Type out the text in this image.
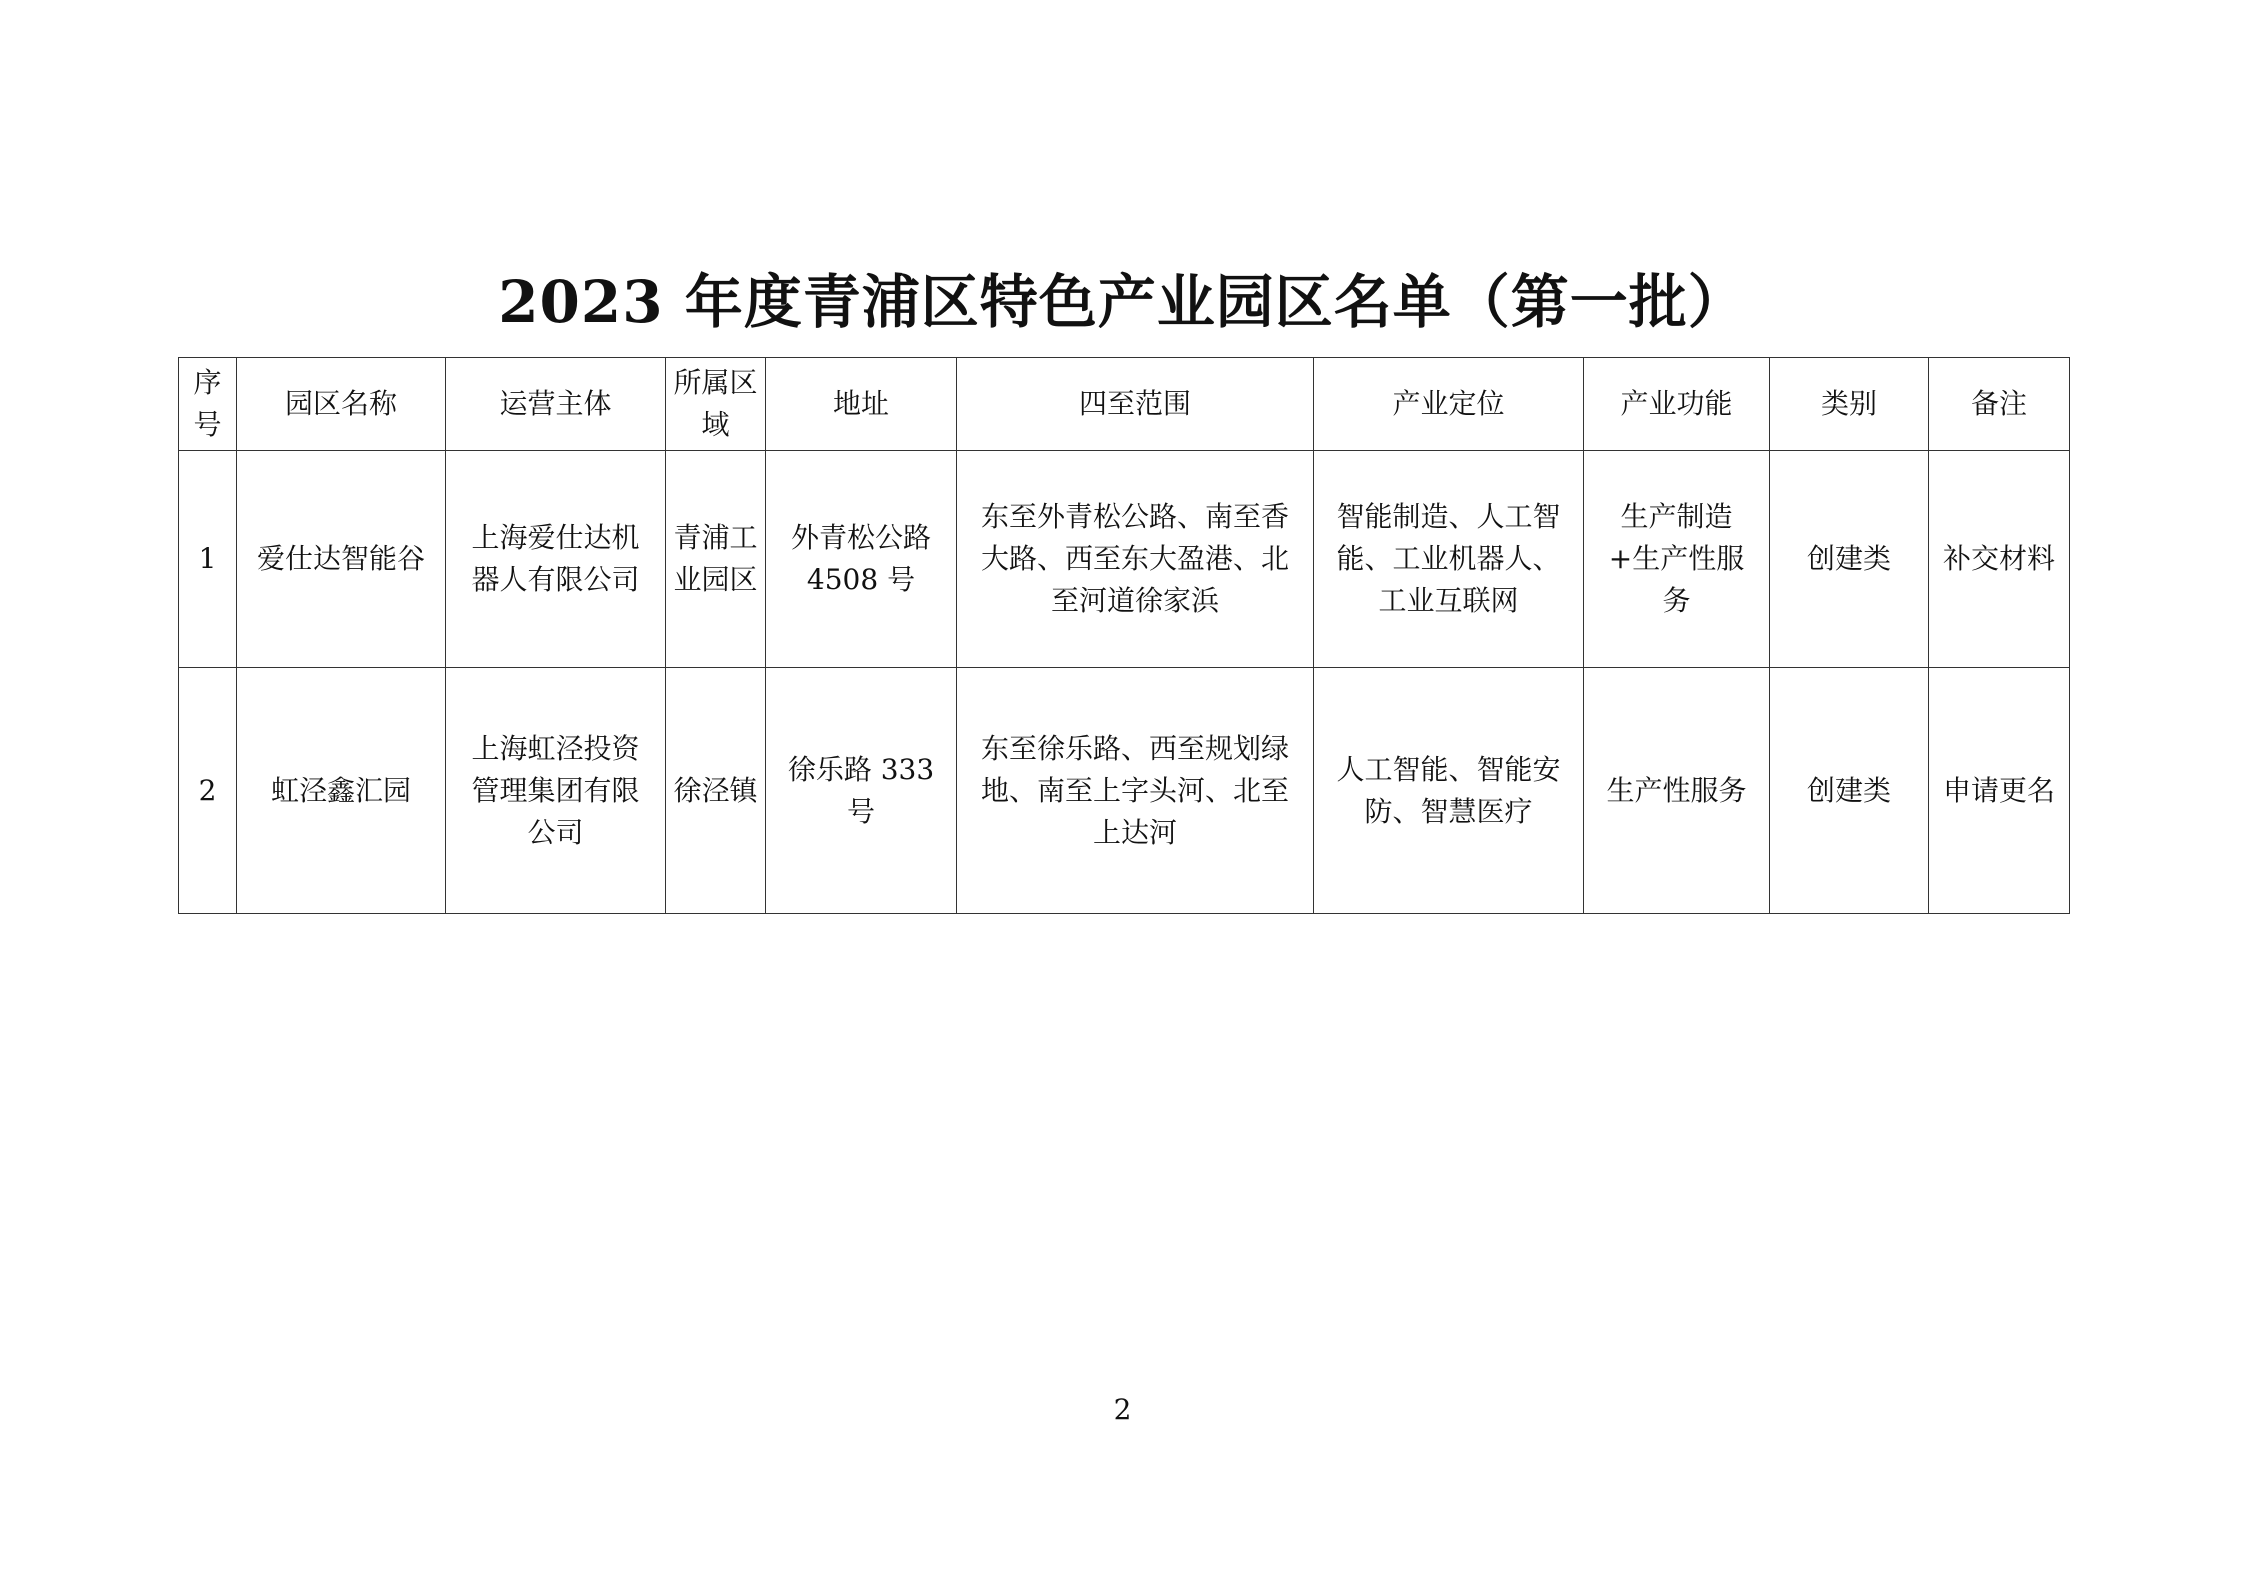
2023 年度青浦区特色产业园区名单（第一批）
序号	园区名称	运营主体	所属区域	地址	四至范围	产业定位	产业功能	类别	备注
1	爱仕达智能谷	上海爱仕达机器人有限公司	青浦工业园区	外青松公路 4508 号	东至外青松公路、南至香大路、西至东大盈港、北至河道徐家浜	智能制造、人工智能、工业机器人、工业互联网	生产制造+生产性服务	创建类	补交材料
2	虹泾鑫汇园	上海虹泾投资管理集团有限公司	徐泾镇	徐乐路 333 号	东至徐乐路、西至规划绿地、南至上字头河、北至上达河	人工智能、智能安防、智慧医疗	生产性服务	创建类	申请更名
2
